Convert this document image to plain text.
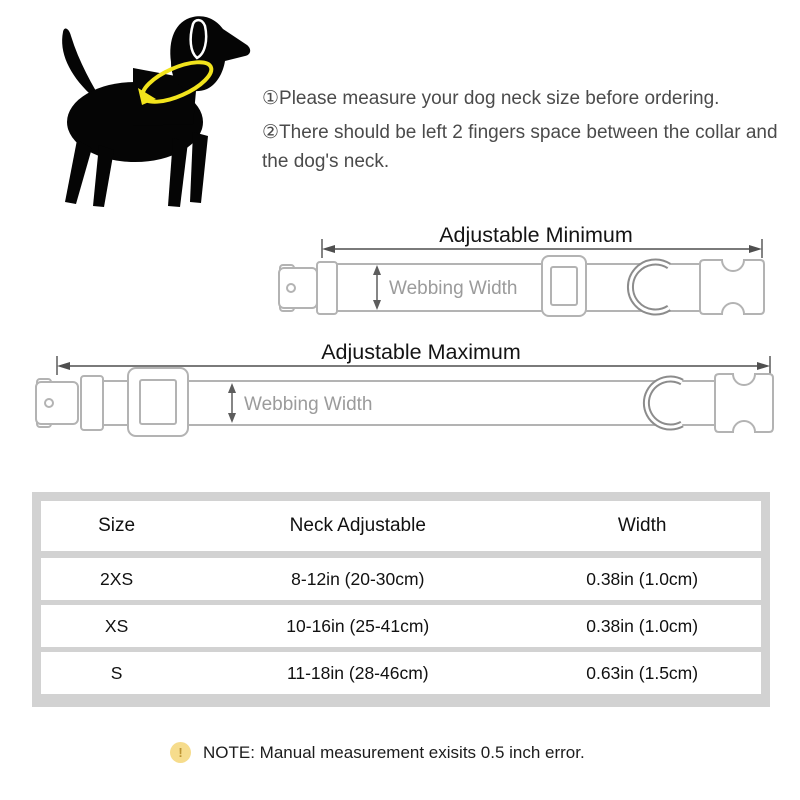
①Please measure your dog neck size before ordering.

②There should be left 2 fingers space between the collar and the dog's neck.

Adjustable Minimum
Webbing Width
Adjustable Maximum
Webbing Width
Size	Neck Adjustable	Width
2XS	8-12in (20-30cm)	0.38in (1.0cm)
XS	10-16in (25-41cm)	0.38in (1.0cm)
S	11-18in (28-46cm)	0.63in (1.5cm)
!	NOTE: Manual measurement exisits 0.5 inch error.
